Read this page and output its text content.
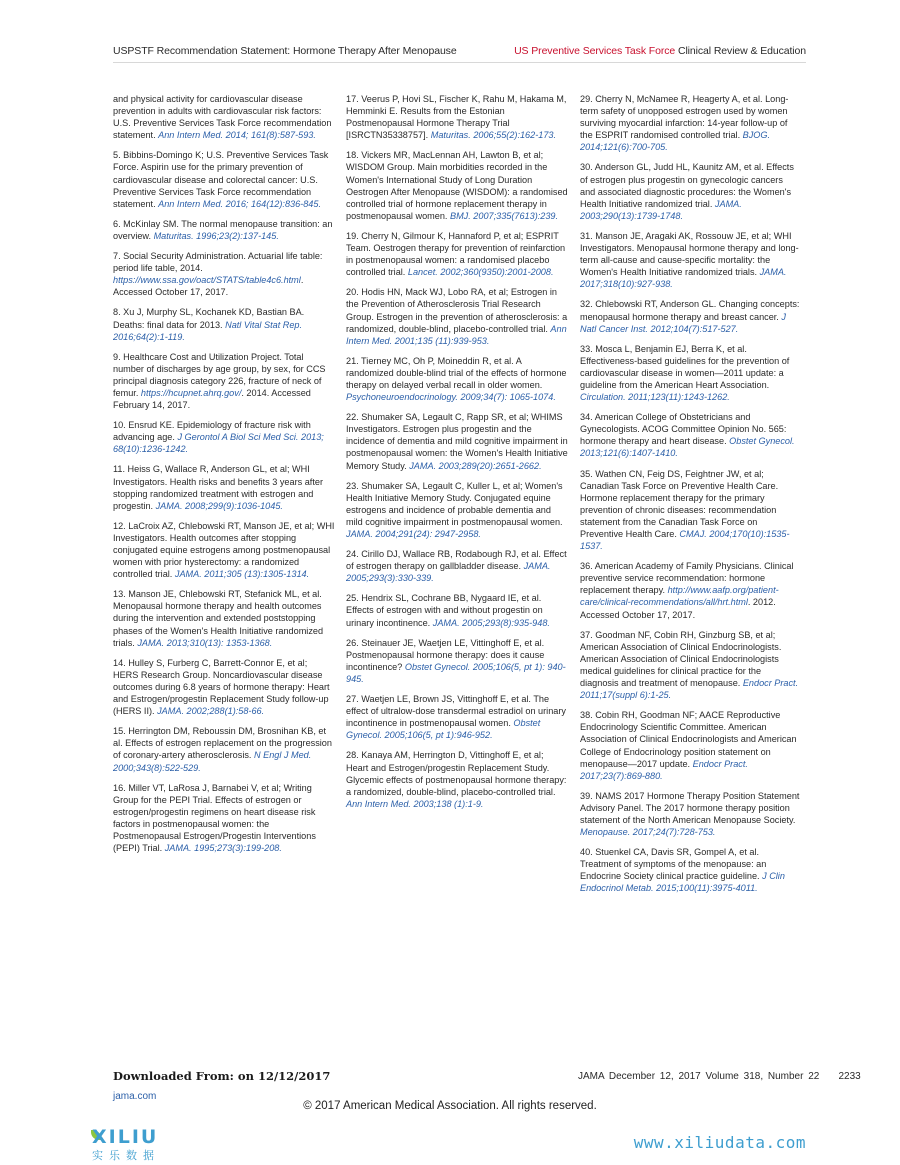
USPSTF Recommendation Statement: Hormone Therapy After Menopause	US Preventive Services Task Force Clinical Review & Education

and physical activity for cardiovascular disease prevention in adults with cardiovascular risk factors: U.S. Preventive Services Task Force recommendation statement. Ann Intern Med. 2014; 161(8):587-593.

5. Bibbins-Domingo K; U.S. Preventive Services Task Force. Aspirin use for the primary prevention of cardiovascular disease and colorectal cancer: U.S. Preventive Services Task Force recommendation statement. Ann Intern Med. 2016; 164(12):836-845.

6. McKinlay SM. The normal menopause transition: an overview. Maturitas. 1996;23(2):137-145.

7. Social Security Administration. Actuarial life table: period life table, 2014. https://www.ssa.gov/oact/STATS/table4c6.html. Accessed October 17, 2017.

8. Xu J, Murphy SL, Kochanek KD, Bastian BA. Deaths: final data for 2013. Natl Vital Stat Rep. 2016;64(2):1-119.

9. Healthcare Cost and Utilization Project. Total number of discharges by age group, by sex, for CCS principal diagnosis category 226, fracture of neck of femur. https://hcupnet.ahrq.gov/. 2014. Accessed February 14, 2017.

10. Ensrud KE. Epidemiology of fracture risk with advancing age. J Gerontol A Biol Sci Med Sci. 2013; 68(10):1236-1242.

11. Heiss G, Wallace R, Anderson GL, et al; WHI Investigators. Health risks and benefits 3 years after stopping randomized treatment with estrogen and progestin. JAMA. 2008;299(9):1036-1045.

12. LaCroix AZ, Chlebowski RT, Manson JE, et al; WHI Investigators. Health outcomes after stopping conjugated equine estrogens among postmenopausal women with prior hysterectomy: a randomized controlled trial. JAMA. 2011;305 (13):1305-1314.

13. Manson JE, Chlebowski RT, Stefanick ML, et al. Menopausal hormone therapy and health outcomes during the intervention and extended poststopping phases of the Women's Health Initiative randomized trials. JAMA. 2013;310(13): 1353-1368.

14. Hulley S, Furberg C, Barrett-Connor E, et al; HERS Research Group. Noncardiovascular disease outcomes during 6.8 years of hormone therapy: Heart and Estrogen/progestin Replacement Study follow-up (HERS II). JAMA. 2002;288(1):58-66.

15. Herrington DM, Reboussin DM, Brosnihan KB, et al. Effects of estrogen replacement on the progression of coronary-artery atherosclerosis. N Engl J Med. 2000;343(8):522-529.

16. Miller VT, LaRosa J, Barnabei V, et al; Writing Group for the PEPI Trial. Effects of estrogen or estrogen/progestin regimens on heart disease risk factors in postmenopausal women: the Postmenopausal Estrogen/Progestin Interventions (PEPI) Trial. JAMA. 1995;273(3):199-208.

17. Veerus P, Hovi SL, Fischer K, Rahu M, Hakama M, Hemminki E. Results from the Estonian Postmenopausal Hormone Therapy Trial [ISRCTN35338757]. Maturitas. 2006;55(2):162-173.

18. Vickers MR, MacLennan AH, Lawton B, et al; WISDOM Group. Main morbidities recorded in the Women's International Study of Long Duration Oestrogen After Menopause (WISDOM): a randomised controlled trial of hormone replacement therapy in postmenopausal women. BMJ. 2007;335(7613):239.

19. Cherry N, Gilmour K, Hannaford P, et al; ESPRIT Team. Oestrogen therapy for prevention of reinfarction in postmenopausal women: a randomised placebo controlled trial. Lancet. 2002;360(9350):2001-2008.

20. Hodis HN, Mack WJ, Lobo RA, et al; Estrogen in the Prevention of Atherosclerosis Trial Research Group. Estrogen in the prevention of atherosclerosis: a randomized, double-blind, placebo-controlled trial. Ann Intern Med. 2001;135 (11):939-953.

21. Tierney MC, Oh P, Moineddin R, et al. A randomized double-blind trial of the effects of hormone therapy on delayed verbal recall in older women. Psychoneuroendocrinology. 2009;34(7): 1065-1074.

22. Shumaker SA, Legault C, Rapp SR, et al; WHIMS Investigators. Estrogen plus progestin and the incidence of dementia and mild cognitive impairment in postmenopausal women: the Women's Health Initiative Memory Study. JAMA. 2003;289(20):2651-2662.

23. Shumaker SA, Legault C, Kuller L, et al; Women's Health Initiative Memory Study. Conjugated equine estrogens and incidence of probable dementia and mild cognitive impairment in postmenopausal women. JAMA. 2004;291(24): 2947-2958.

24. Cirillo DJ, Wallace RB, Rodabough RJ, et al. Effect of estrogen therapy on gallbladder disease. JAMA. 2005;293(3):330-339.

25. Hendrix SL, Cochrane BB, Nygaard IE, et al. Effects of estrogen with and without progestin on urinary incontinence. JAMA. 2005;293(8):935-948.

26. Steinauer JE, Waetjen LE, Vittinghoff E, et al. Postmenopausal hormone therapy: does it cause incontinence? Obstet Gynecol. 2005;106(5, pt 1): 940-945.

27. Waetjen LE, Brown JS, Vittinghoff E, et al. The effect of ultralow-dose transdermal estradiol on urinary incontinence in postmenopausal women. Obstet Gynecol. 2005;106(5, pt 1):946-952.

28. Kanaya AM, Herrington D, Vittinghoff E, et al; Heart and Estrogen/progestin Replacement Study. Glycemic effects of postmenopausal hormone therapy: a randomized, double-blind, placebo-controlled trial. Ann Intern Med. 2003;138 (1):1-9.

29. Cherry N, McNamee R, Heagerty A, et al. Long-term safety of unopposed estrogen used by women surviving myocardial infarction: 14-year follow-up of the ESPRIT randomised controlled trial. BJOG. 2014;121(6):700-705.

30. Anderson GL, Judd HL, Kaunitz AM, et al. Effects of estrogen plus progestin on gynecologic cancers and associated diagnostic procedures: the Women's Health Initiative randomized trial. JAMA. 2003;290(13):1739-1748.

31. Manson JE, Aragaki AK, Rossouw JE, et al; WHI Investigators. Menopausal hormone therapy and long-term all-cause and cause-specific mortality: the Women's Health Initiative randomized trials. JAMA. 2017;318(10):927-938.

32. Chlebowski RT, Anderson GL. Changing concepts: menopausal hormone therapy and breast cancer. J Natl Cancer Inst. 2012;104(7):517-527.

33. Mosca L, Benjamin EJ, Berra K, et al. Effectiveness-based guidelines for the prevention of cardiovascular disease in women—2011 update: a guideline from the American Heart Association. Circulation. 2011;123(11):1243-1262.

34. American College of Obstetricians and Gynecologists. ACOG Committee Opinion No. 565: hormone therapy and heart disease. Obstet Gynecol. 2013;121(6):1407-1410.

35. Wathen CN, Feig DS, Feightner JW, et al; Canadian Task Force on Preventive Health Care. Hormone replacement therapy for the primary prevention of chronic diseases: recommendation statement from the Canadian Task Force on Preventive Health Care. CMAJ. 2004;170(10):1535-1537.

36. American Academy of Family Physicians. Clinical preventive service recommendation: hormone replacement therapy. http://www.aafp.org/patient-care/clinical-recommendations/all/hrt.html. 2012. Accessed October 17, 2017.

37. Goodman NF, Cobin RH, Ginzburg SB, et al; American Association of Clinical Endocrinologists. American Association of Clinical Endocrinologists medical guidelines for clinical practice for the diagnosis and treatment of menopause. Endocr Pract. 2011;17(suppl 6):1-25.

38. Cobin RH, Goodman NF; AACE Reproductive Endocrinology Scientific Committee. American Association of Clinical Endocrinologists and American College of Endocrinology position statement on menopause—2017 update. Endocr Pract. 2017;23(7):869-880.

39. NAMS 2017 Hormone Therapy Position Statement Advisory Panel. The 2017 hormone therapy position statement of the North American Menopause Society. Menopause. 2017;24(7):728-753.

40. Stuenkel CA, Davis SR, Gompel A, et al. Treatment of symptoms of the menopause: an Endocrine Society clinical practice guideline. J Clin Endocrinol Metab. 2015;100(11):3975-4011.

Downloaded From: on 12/12/2017	JAMA December 12, 2017 Volume 318, Number 22 2233
jama.com
© 2017 American Medical Association. All rights reserved.
XILIU
实乐数据
www.xiliudata.com
